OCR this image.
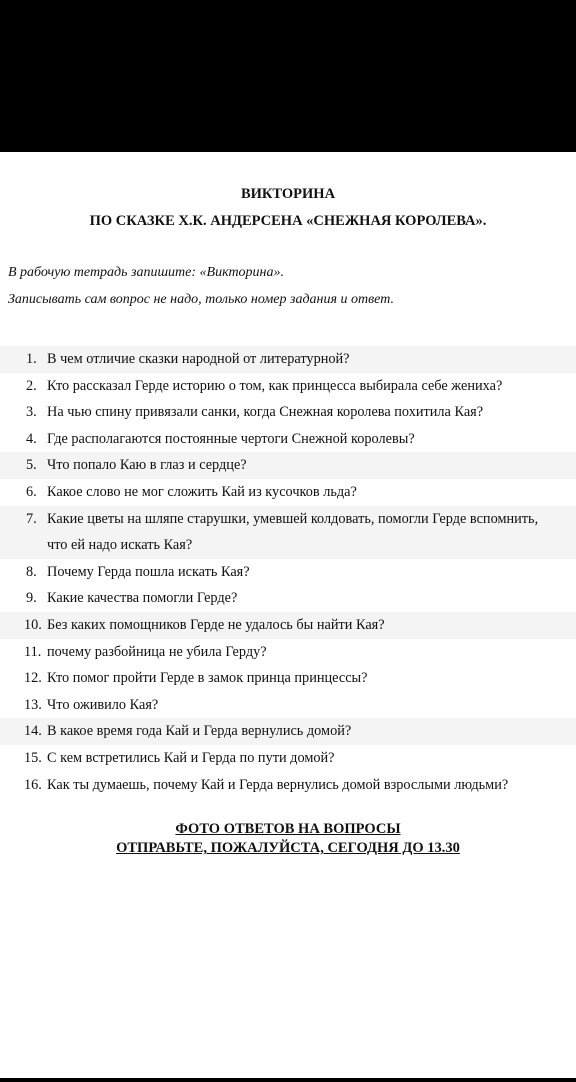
ВИКТОРИНА
ПО СКАЗКЕ Х.К. АНДЕРСЕНА «СНЕЖНАЯ КОРОЛЕВА».
В рабочую тетрадь запишите: «Викторина».
Записывать сам вопрос не надо, только номер задания и ответ.
1. В чем отличие сказки народной от литературной?
2. Кто рассказал Герде историю о том, как принцесса выбирала себе жениха?
3. На чью спину привязали санки, когда Снежная королева похитила Кая?
4. Где располагаются постоянные чертоги Снежной королевы?
5. Что попало Каю в глаз и сердце?
6. Какое слово не мог сложить Кай из кусочков льда?
7. Какие цветы на шляпе старушки, умевшей колдовать, помогли Герде вспомнить,
что ей надо искать Кая?
8. Почему Герда пошла искать Кая?
9. Какие качества помогли Герде?
10. Без каких помощников Герде не удалось бы найти Кая?
11. почему разбойница не убила Герду?
12. Кто помог пройти Герде в замок принца принцессы?
13. Что оживило Кая?
14. В какое время года Кай и Герда вернулись домой?
15. С кем встретились Кай и Герда по пути домой?
16. Как ты думаешь, почему Кай и Герда вернулись домой взрослыми людьми?
ФОТО ОТВЕТОВ НА ВОПРОСЫ
ОТПРАВЬТЕ, ПОЖАЛУЙСТА, СЕГОДНЯ ДО 13.30
